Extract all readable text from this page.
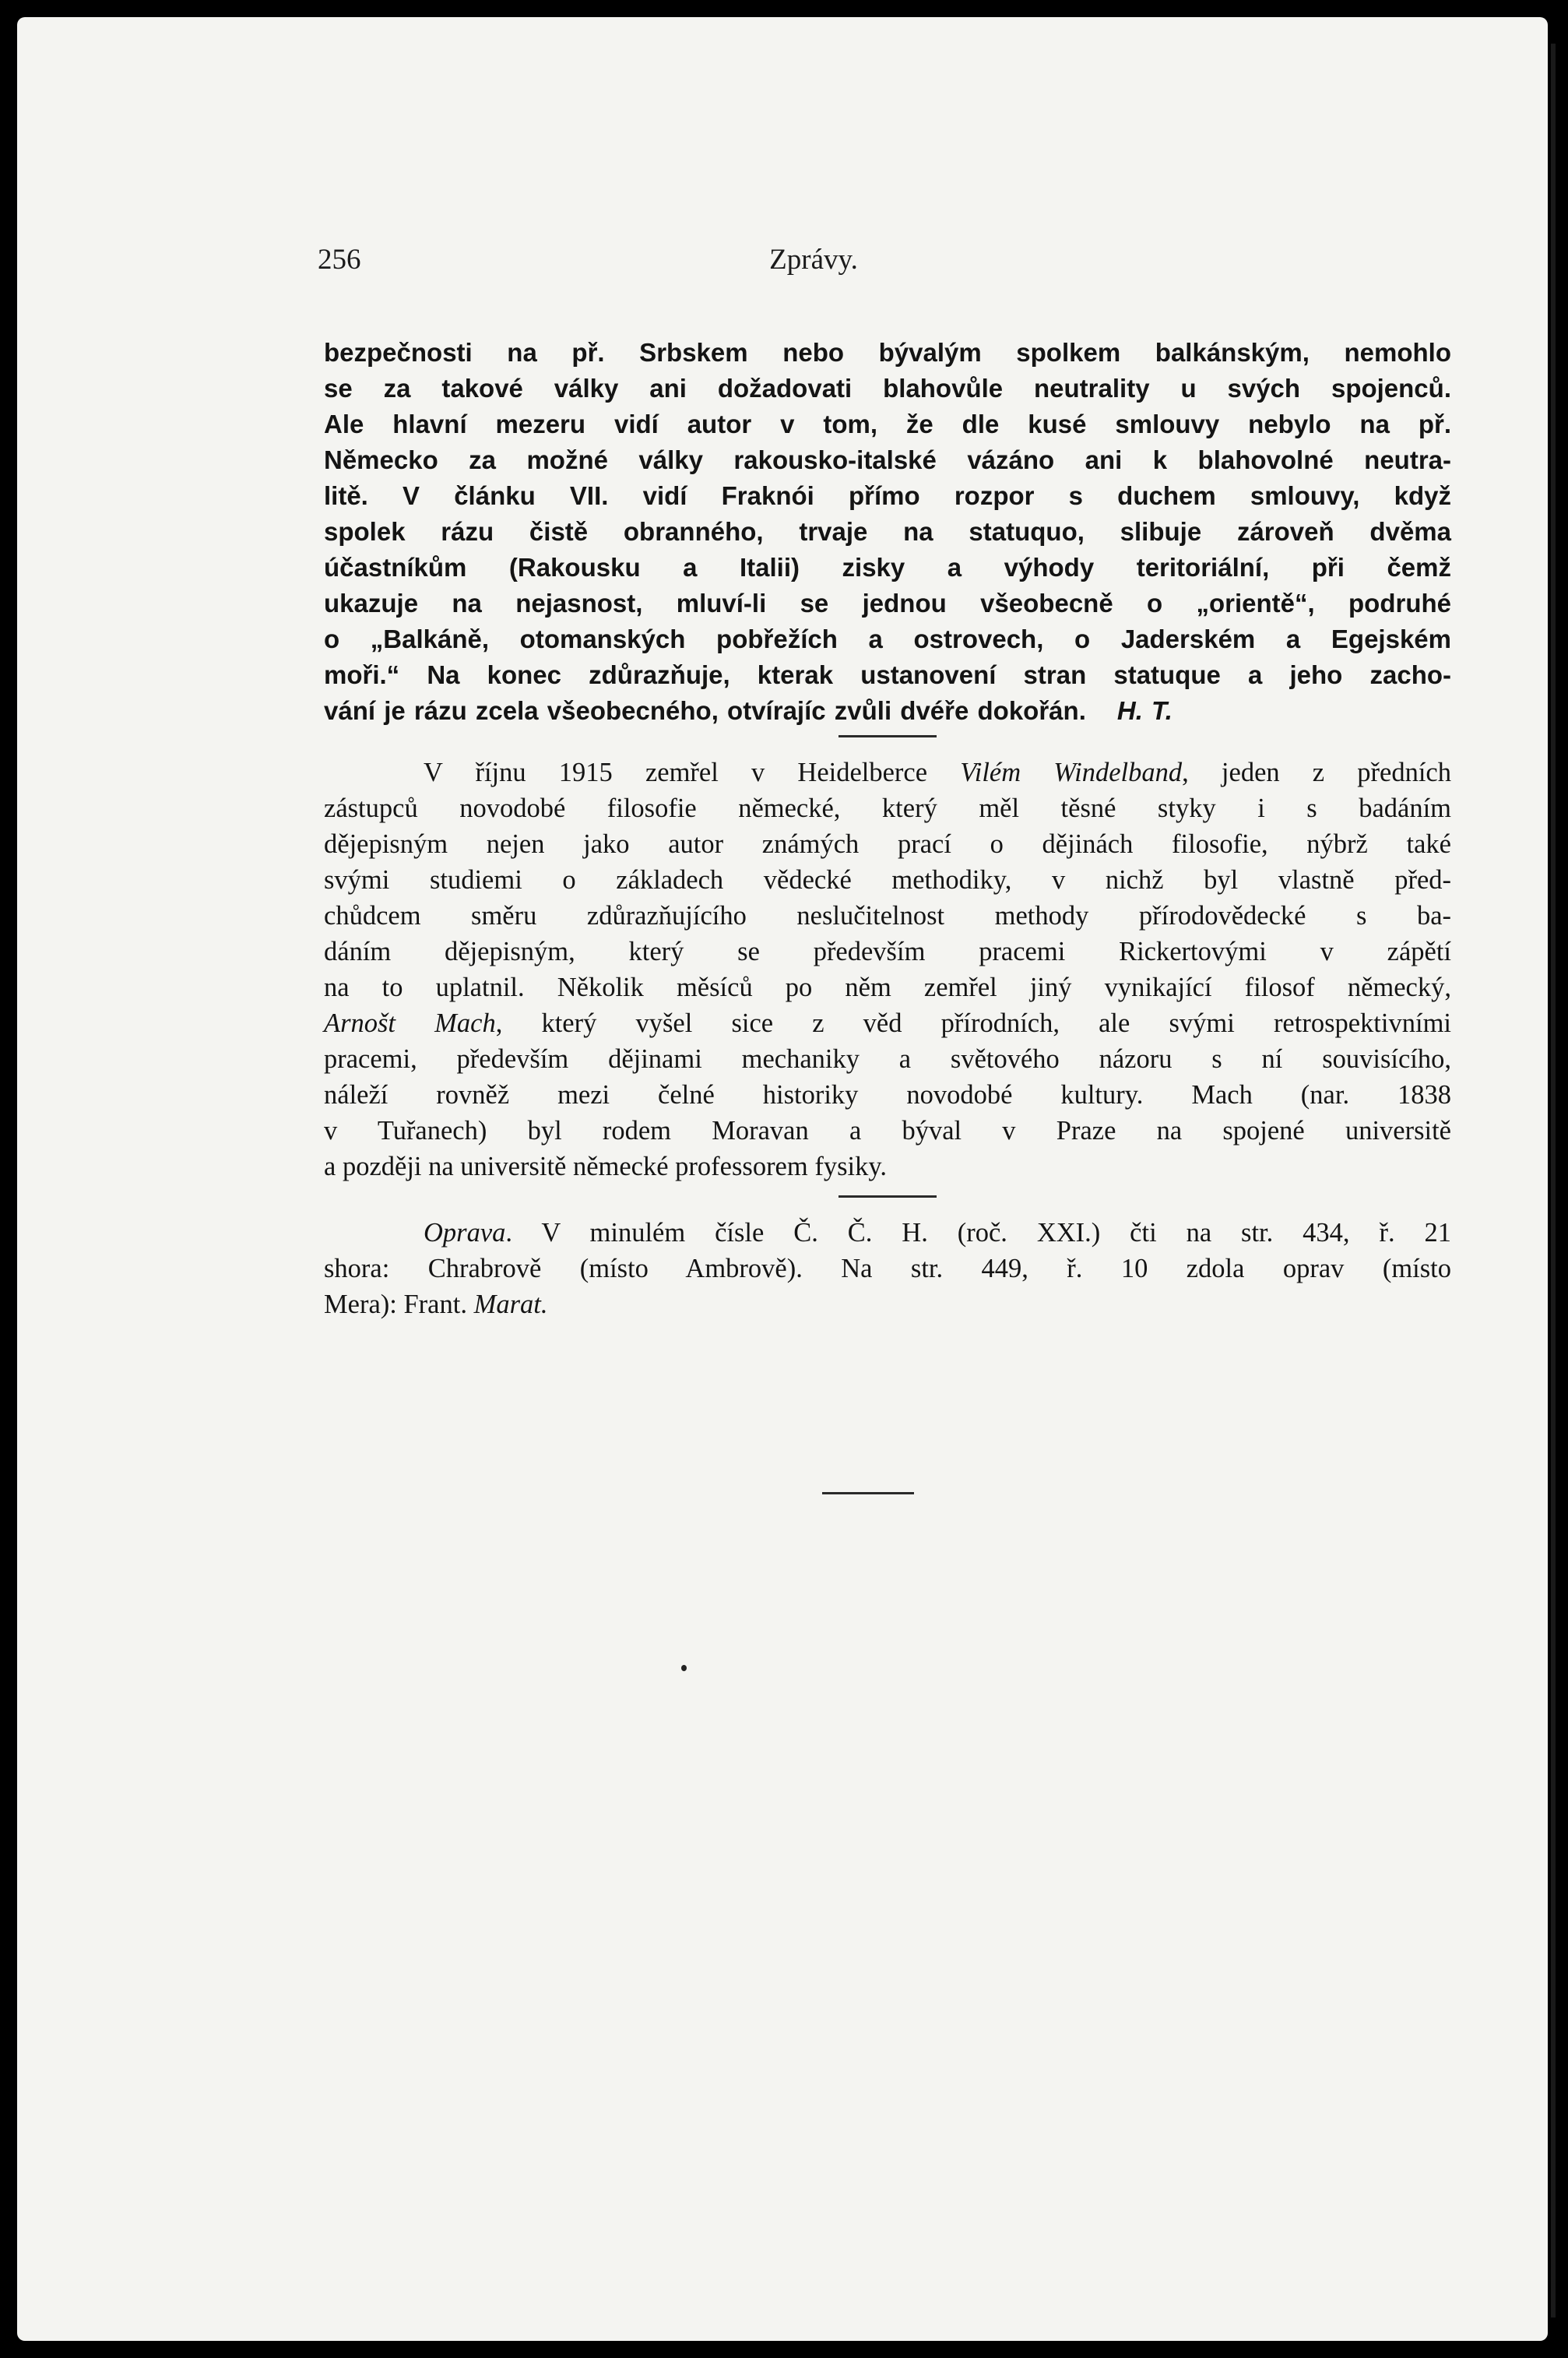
256	Zprávy.
bezpečnosti na př. Srbskem nebo bývalým spolkem balkánským, nemohlo
se za takové války ani dožadovati blahovůle neutrality u svých spojenců.
Ale hlavní mezeru vidí autor v tom, že dle kusé smlouvy nebylo na př.
Německo za možné války rakousko-italské vázáno ani k blahovolné neutra-
litě. V článku VII. vidí Fraknói přímo rozpor s duchem smlouvy, když
spolek rázu čistě obranného, trvaje na statuquo, slibuje zároveň dvěma
účastníkům (Rakousku a Italii) zisky a výhody teritoriální, při čemž
ukazuje na nejasnost, mluví-li se jednou všeobecně o „orientě“, podruhé
o „Balkáně, otomanských pobřežích a ostrovech, o Jaderském a Egejském
moři.“ Na konec zdůrazňuje, kterak ustanovení stran statuque a jeho zacho-
vání je rázu zcela všeobecného, otvírajíc zvůli dvéře dokořán. H. T.
V říjnu 1915 zemřel v Heidelberce Vilém Windelband, jeden z předních
zástupců novodobé filosofie německé, který měl těsné styky i s badáním
dějepisným nejen jako autor známých prací o dějinách filosofie, nýbrž také
svými studiemi o základech vědecké methodiky, v nichž byl vlastně před-
chůdcem směru zdůrazňujícího neslučitelnost methody přírodovědecké s ba-
dáním dějepisným, který se především pracemi Rickertovými v zápětí
na to uplatnil. Několik měsíců po něm zemřel jiný vynikající filosof německý,
Arnošt Mach, který vyšel sice z věd přírodních, ale svými retrospektivními
pracemi, především dějinami mechaniky a světového názoru s ní souvisícího,
náleží rovněž mezi čelné historiky novodobé kultury. Mach (nar. 1838
v Tuřanech) byl rodem Moravan a býval v Praze na spojené universitě
a později na universitě německé professorem fysiky.
Oprava. V minulém čísle Č. Č. H. (roč. XXI.) čti na str. 434, ř. 21
shora: Chrabrově (místo Ambrově). Na str. 449, ř. 10 zdola oprav (místo
Mera): Frant. Marat.
